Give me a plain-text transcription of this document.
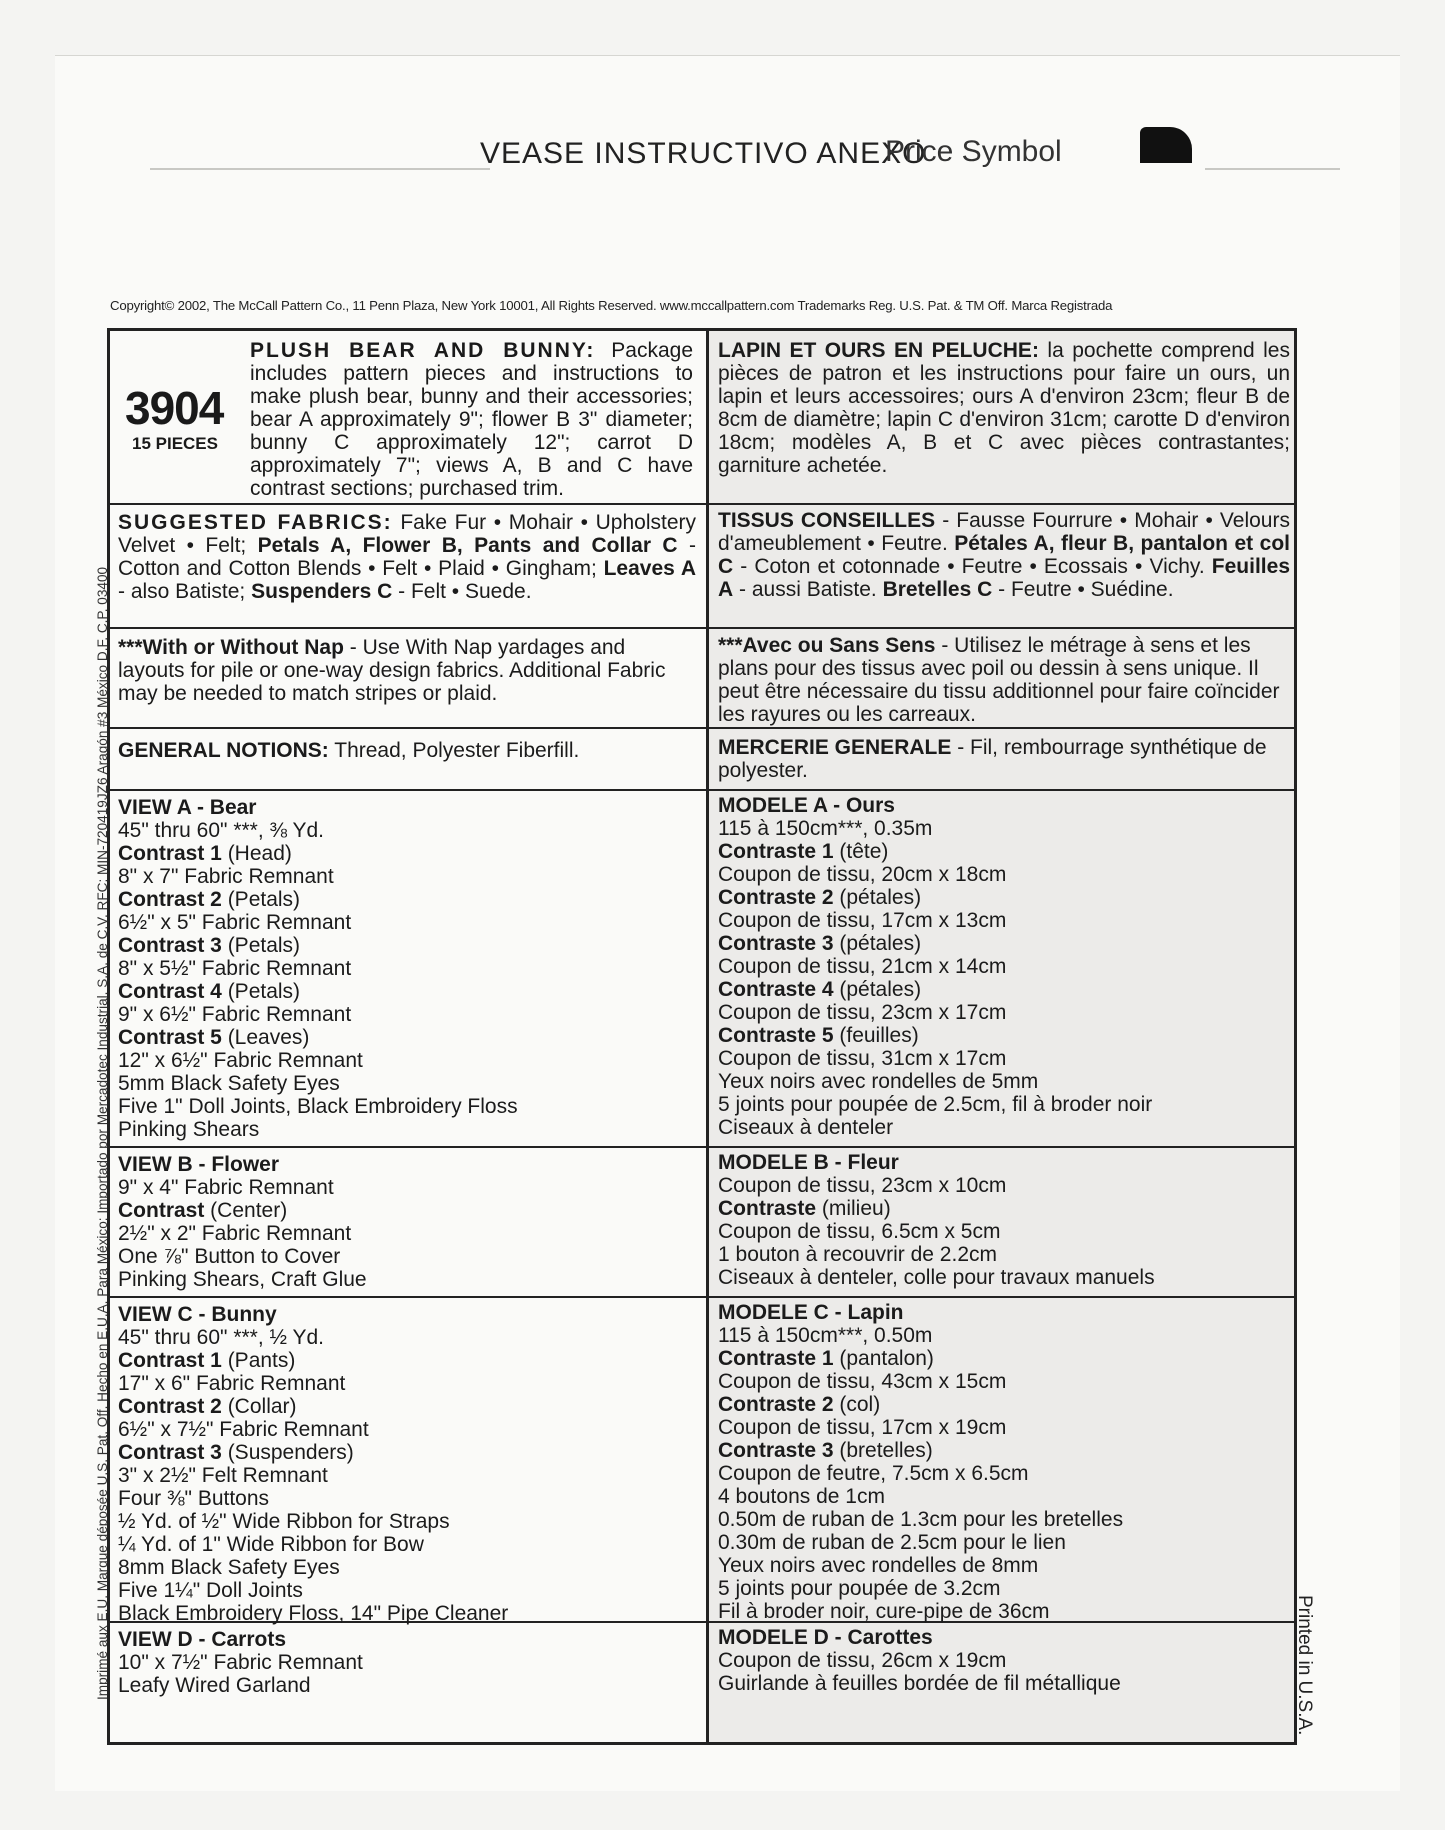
VEASE INSTRUCTIVO ANEXO
Price Symbol
Copyright© 2002, The McCall Pattern Co., 11 Penn Plaza, New York 10001, All Rights Reserved. www.mccallpattern.com Trademarks Reg. U.S. Pat. & TM Off. Marca Registrada
Imprimé aux E.U. Marque déposée U.S. Pat. Off. Hecho en E.U.A. Para México: Importado por Mercadotec Industrial. S.A. de C.V. RFC: MIN-720419JZ6 Aragón #3 México D.F. C.P. 03400	Printed in U.S.A.
3904
15 PIECES
PLUSH BEAR AND BUNNY: Package includes pattern pieces and instructions to make plush bear, bunny and their accessories; bear A approximately 9"; flower B 3" diameter; bunny C approximately 12"; carrot D approximately 7"; views A, B and C have contrast sections; purchased trim.
LAPIN ET OURS EN PELUCHE: la pochette comprend les pièces de patron et les instructions pour faire un ours, un lapin et leurs accessoires; ours A d'environ 23cm; fleur B de 8cm de diamètre; lapin C d'environ 31cm; carotte D d'environ 18cm; modèles A, B et C avec pièces contrastantes; garniture achetée.
SUGGESTED FABRICS: Fake Fur • Mohair • Upholstery Velvet • Felt; Petals A, Flower B, Pants and Collar C - Cotton and Cotton Blends • Felt • Plaid • Gingham; Leaves A - also Batiste; Suspenders C - Felt • Suede.
TISSUS CONSEILLES - Fausse Fourrure • Mohair • Velours d'ameublement • Feutre. Pétales A, fleur B, pantalon et col C - Coton et cotonnade • Feutre • Ecossais • Vichy. Feuilles A - aussi Batiste. Bretelles C - Feutre • Suédine.
***With or Without Nap - Use With Nap yardages and layouts for pile or one-way design fabrics. Additional Fabric may be needed to match stripes or plaid.
***Avec ou Sans Sens - Utilisez le métrage à sens et les plans pour des tissus avec poil ou dessin à sens unique. Il peut être nécessaire du tissu additionnel pour faire coïncider les rayures ou les carreaux.
GENERAL NOTIONS: Thread, Polyester Fiberfill.	MERCERIE GENERALE - Fil, rembourrage synthétique de polyester.
VIEW A - Bear
45" thru 60" ***, ⅜ Yd.
Contrast 1 (Head)
8" x 7" Fabric Remnant
Contrast 2 (Petals)
6½" x 5" Fabric Remnant
Contrast 3 (Petals)
8" x 5½" Fabric Remnant
Contrast 4 (Petals)
9" x 6½" Fabric Remnant
Contrast 5 (Leaves)
12" x 6½" Fabric Remnant
5mm Black Safety Eyes
Five 1" Doll Joints, Black Embroidery Floss
Pinking Shears
MODELE A - Ours
115 à 150cm***, 0.35m
Contraste 1 (tête)
Coupon de tissu, 20cm x 18cm
Contraste 2 (pétales)
Coupon de tissu, 17cm x 13cm
Contraste 3 (pétales)
Coupon de tissu, 21cm x 14cm
Contraste 4 (pétales)
Coupon de tissu, 23cm x 17cm
Contraste 5 (feuilles)
Coupon de tissu, 31cm x 17cm
Yeux noirs avec rondelles de 5mm
5 joints pour poupée de 2.5cm, fil à broder noir
Ciseaux à denteler
VIEW B - Flower
9" x 4" Fabric Remnant
Contrast (Center)
2½" x 2" Fabric Remnant
One ⅞" Button to Cover
Pinking Shears, Craft Glue
MODELE B - Fleur
Coupon de tissu, 23cm x 10cm
Contraste (milieu)
Coupon de tissu, 6.5cm x 5cm
1 bouton à recouvrir de 2.2cm
Ciseaux à denteler, colle pour travaux manuels
VIEW C - Bunny
45" thru 60" ***, ½ Yd.
Contrast 1 (Pants)
17" x 6" Fabric Remnant
Contrast 2 (Collar)
6½" x 7½" Fabric Remnant
Contrast 3 (Suspenders)
3" x 2½" Felt Remnant
Four ⅜" Buttons
½ Yd. of ½" Wide Ribbon for Straps
¼ Yd. of 1" Wide Ribbon for Bow
8mm Black Safety Eyes
Five 1¼" Doll Joints
Black Embroidery Floss, 14" Pipe Cleaner
MODELE C - Lapin
115 à 150cm***, 0.50m
Contraste 1 (pantalon)
Coupon de tissu, 43cm x 15cm
Contraste 2 (col)
Coupon de tissu, 17cm x 19cm
Contraste 3 (bretelles)
Coupon de feutre, 7.5cm x 6.5cm
4 boutons de 1cm
0.50m de ruban de 1.3cm pour les bretelles
0.30m de ruban de 2.5cm pour le lien
Yeux noirs avec rondelles de 8mm
5 joints pour poupée de 3.2cm
Fil à broder noir, cure-pipe de 36cm
VIEW D - Carrots
10" x 7½" Fabric Remnant
Leafy Wired Garland
MODELE D - Carottes
Coupon de tissu, 26cm x 19cm
Guirlande à feuilles bordée de fil métallique
